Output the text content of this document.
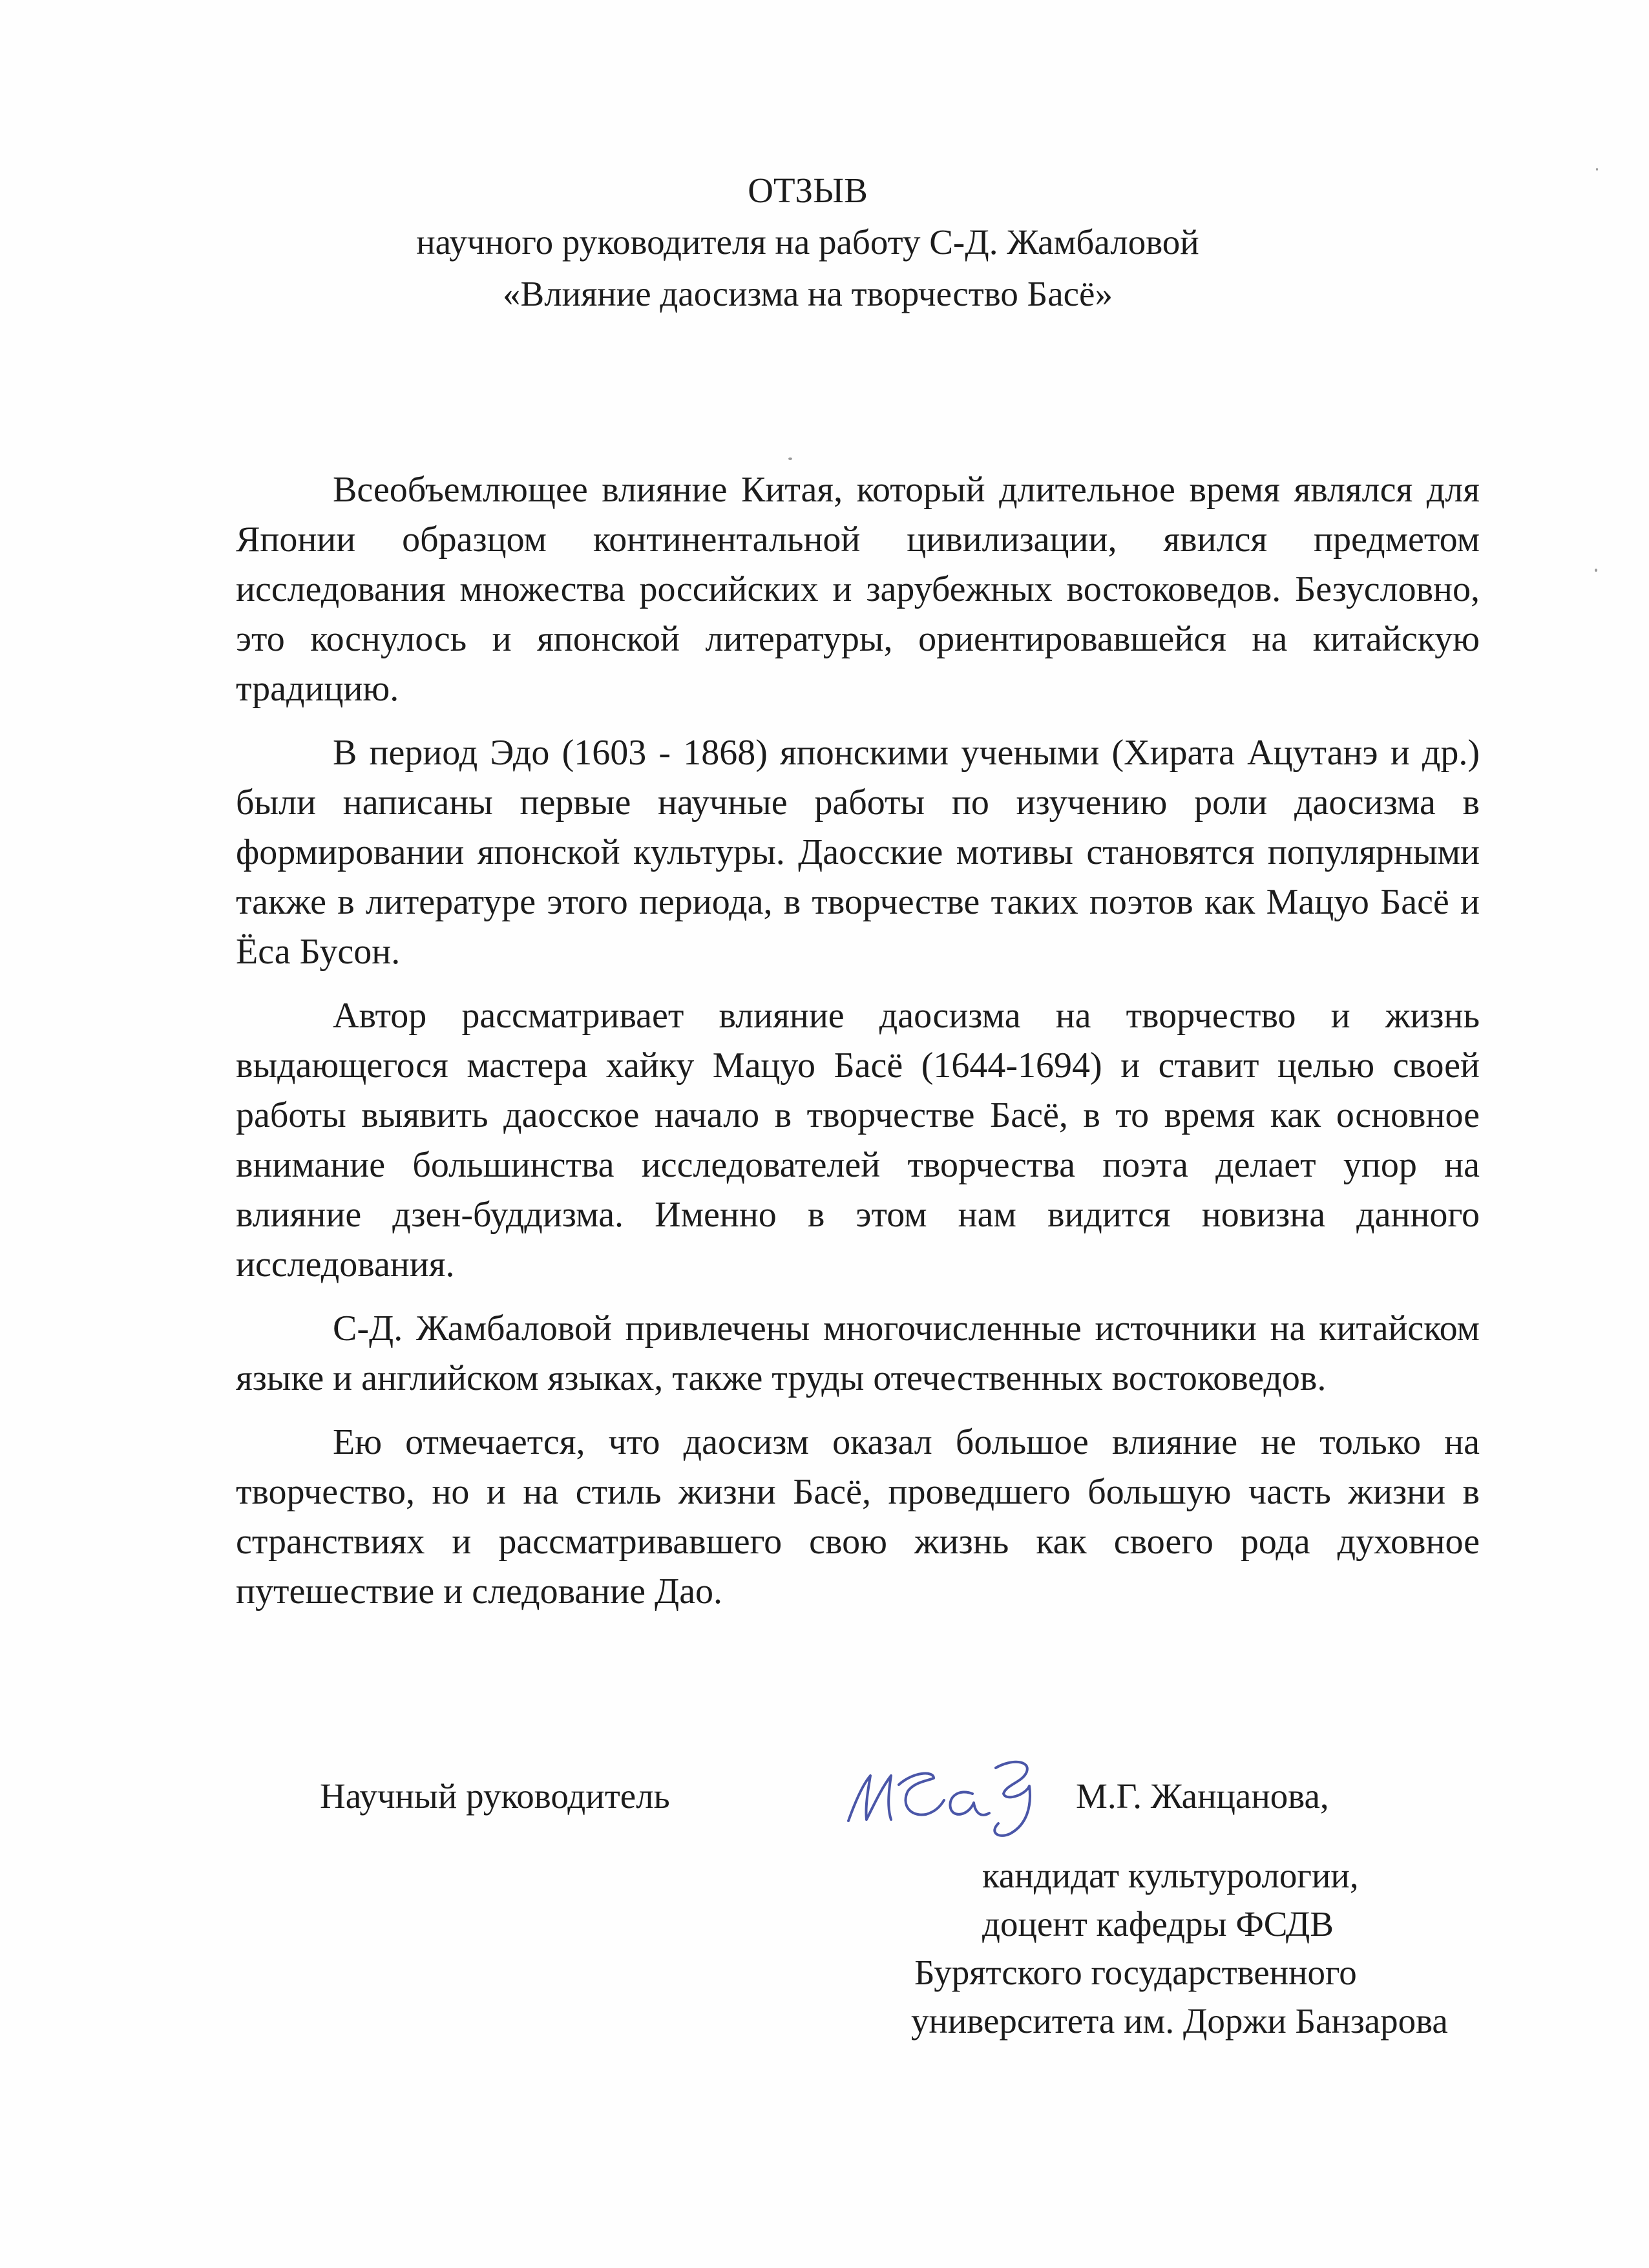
ОТЗЫВ
научного руководителя на работу С-Д. Жамбаловой
«Влияние даосизма на творчество Басё»

Всеобъемлющее влияние Китая, который длительное время являлся для Японии образцом континентальной цивилизации, явился предметом исследования множества российских и зарубежных востоковедов. Безусловно, это коснулось и японской литературы, ориентировавшейся на китайскую традицию.

В период Эдо (1603 - 1868) японскими учеными (Хирата Ацутанэ и др.) были написаны первые научные работы по изучению роли даосизма в формировании японской культуры. Даосские мотивы становятся популярными также в литературе этого периода, в творчестве таких поэтов как Мацуо Басё и Ёса Бусон.

Автор рассматривает влияние даосизма на творчество и жизнь выдающегося мастера хайку Мацуо Басё (1644-1694) и ставит целью своей работы выявить даосское начало в творчестве Басё, в то время как основное внимание большинства исследователей творчества поэта делает упор на влияние дзен-буддизма. Именно в этом нам видится новизна данного исследования.

С-Д. Жамбаловой привлечены многочисленные источники на китайском языке и английском языках, также труды отечественных востоковедов.

Ею отмечается, что даосизм оказал большое влияние не только на творчество, но и на стиль жизни Басё, проведшего большую часть жизни в странствиях и рассматривавшего свою жизнь как своего рода духовное путешествие и следование Дао.

Научный руководитель	М.Г. Жанцанова,
кандидат культурологии,
доцент кафедры ФСДВ
Бурятского государственного
университета им. Доржи Банзарова
